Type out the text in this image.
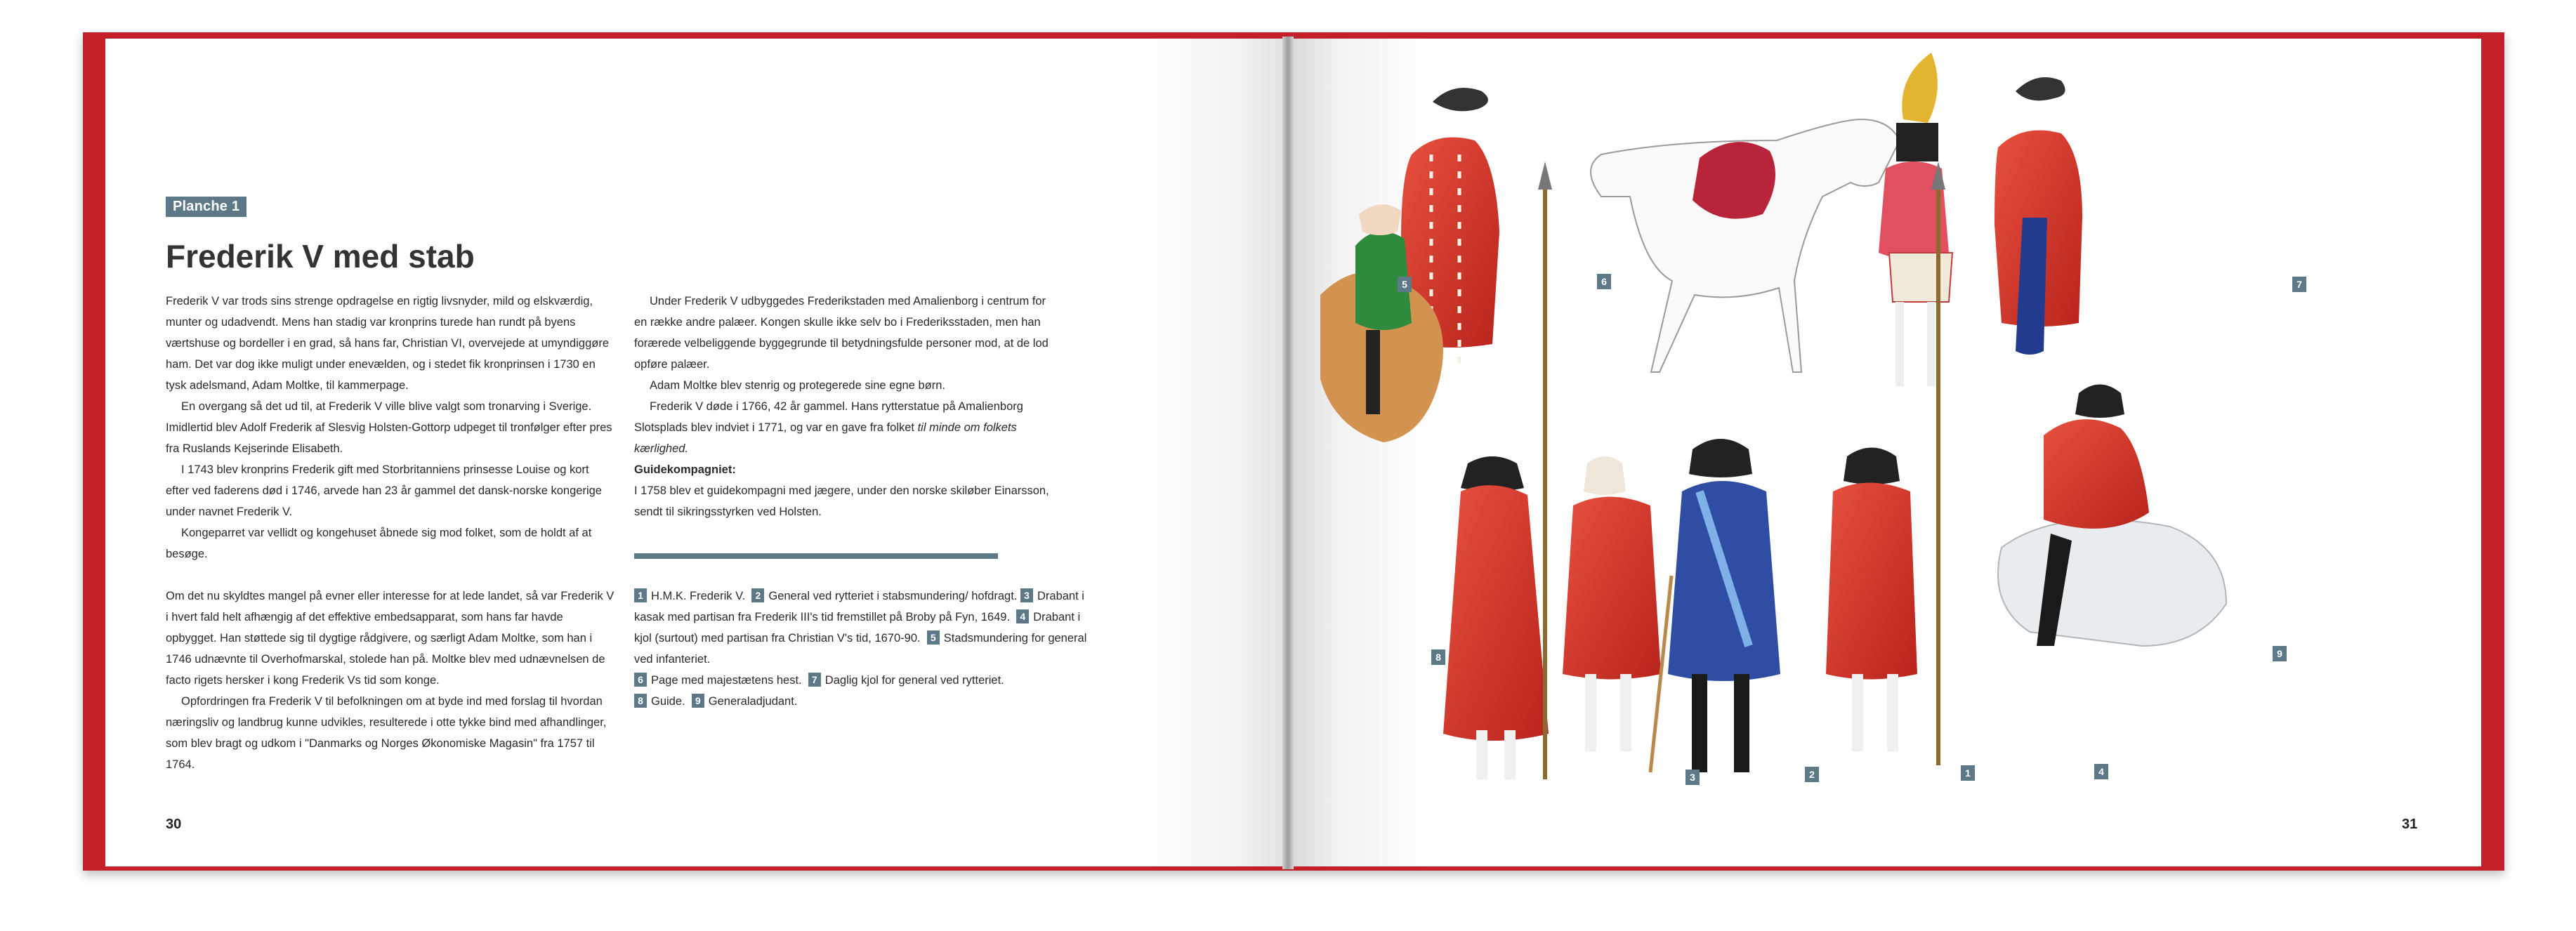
Planche 1
Frederik V med stab

Frederik V var trods sins strenge opdragelse en rigtig livsnyder, mild og elskværdig, munter og udadvendt. Mens han stadig var kronprins turede han rundt på byens værtshuse og bordeller i en grad, så hans far, Christian VI, overvejede at umyndiggøre ham. Det var dog ikke muligt under enevælden, og i stedet fik kronprinsen i 1730 en tysk adelsmand, Adam Moltke, til kammerpage.

En overgang så det ud til, at Frederik V ville blive valgt som tronarving i Sverige. Imidlertid blev Adolf Frederik af Slesvig Holsten-Gottorp udpeget til tronfølger efter pres fra Ruslands Kejserinde Elisabeth.

I 1743 blev kronprins Frederik gift med Storbritanniens prinsesse Louise og kort efter ved faderens død i 1746, arvede han 23 år gammel det dansk-norske kongerige under navnet Frederik V.

Kongeparret var vellidt og kongehuset åbnede sig mod folket, som de holdt af at besøge.

Om det nu skyldtes mangel på evner eller interesse for at lede landet, så var Frederik V i hvert fald helt afhængig af det effektive embedsapparat, som hans far havde opbygget. Han støttede sig til dygtige rådgivere, og særligt Adam Moltke, som han i 1746 udnævnte til Overhofmarskal, stolede han på. Moltke blev med udnævnelsen de facto rigets hersker i kong Frederik Vs tid som konge.

Opfordringen fra Frederik V til befolkningen om at byde ind med forslag til hvordan næringsliv og landbrug kunne udvikles, resulterede i otte tykke bind med afhandlinger, som blev bragt og udkom i "Danmarks og Norges Økonomiske Magasin" fra 1757 til 1764.

Under Frederik V udbyggedes Frederikstaden med Amalienborg i centrum for en række andre palæer. Kongen skulle ikke selv bo i Frederiksstaden, men han forærede velbeliggende byggegrunde til betydningsfulde personer mod, at de lod opføre palæer.

Adam Moltke blev stenrig og protegerede sine egne børn.

Frederik V døde i 1766, 42 år gammel. Hans rytterstatue på Amalienborg Slotsplads blev indviet i 1771, og var en gave fra folket til minde om folkets kærlighed.

Guidekompagniet:

I 1758 blev et guidekompagni med jægere, under den norske skiløber Einarsson, sendt til sikringsstyrken ved Holsten.

1 H.M.K. Frederik V. 2 General ved rytteriet i stabsmundering/ hofdragt. 3 Drabant i kasak med partisan fra Frederik III's tid fremstillet på Broby på Fyn, 1649. 4 Drabant i kjol (surtout) med partisan fra Christian V's tid, 1670-90. 5 Stadsmundering for general ved infanteriet.
6 Page med majestætens hest. 7 Daglig kjol for general ved rytteriet.
8 Guide. 9 Generaladjudant.
30	31
5	6	7
8
3	2	1	4
9
